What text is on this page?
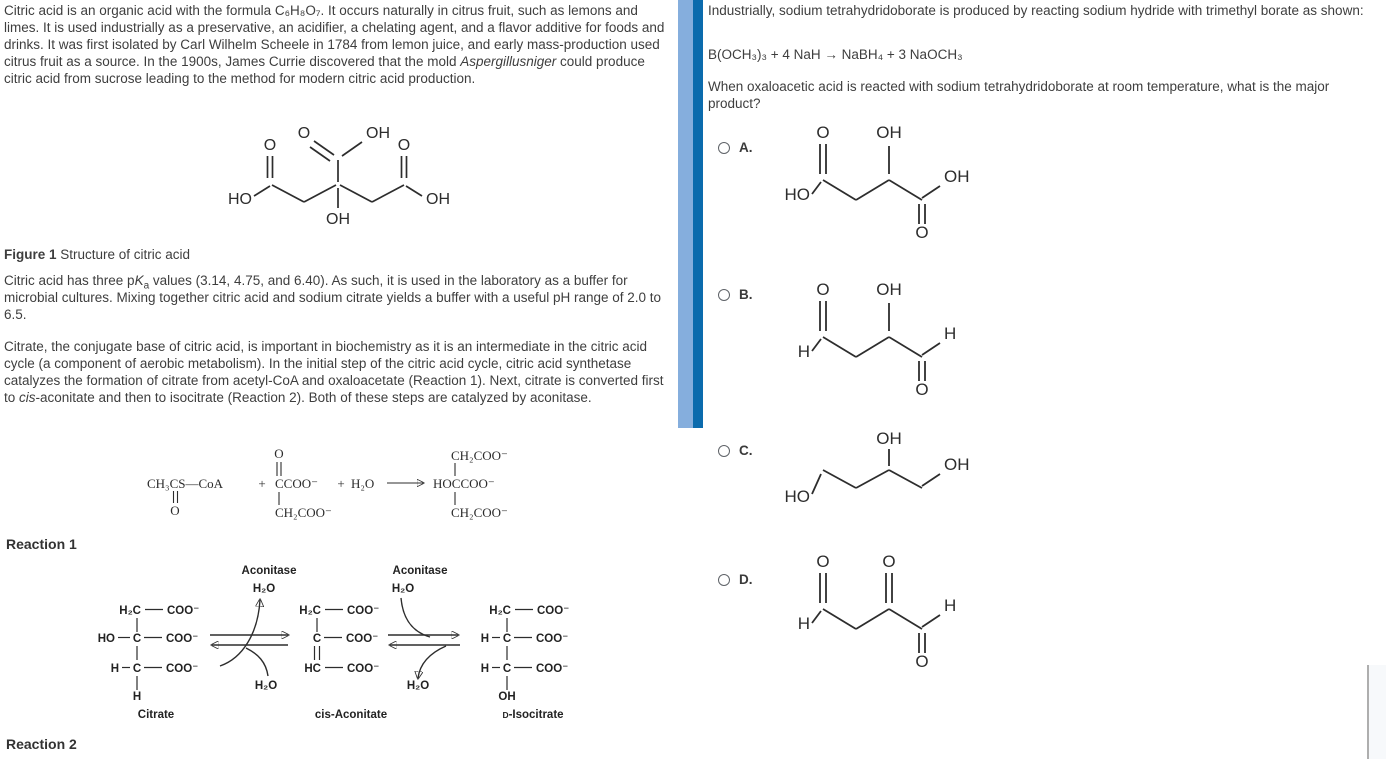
Citric acid is an organic acid with the formula C₆H₈O₇. It occurs naturally in citrus fruit, such as lemons and limes. It is used industrially as a preservative, an acidifier, a chelating agent, and a flavor additive for foods and drinks. It was first isolated by Carl Wilhelm Scheele in 1784 from lemon juice, and early mass-production used citrus fruit as a source. In the 1900s, James Currie discovered that the mold Aspergillusniger could produce citric acid from sucrose leading to the method for modern citric acid production.

O	OH
O
HO
O
OH
OH

Figure 1 Structure of citric acid

Citric acid has three $pK_a$ values (3.14, 4.75, and 6.40). As such, it is used in the laboratory as a buffer for microbial cultures. Mixing together citric acid and sodium citrate yields a buffer with a useful pH range of 2.0 to 6.5.

Citrate, the conjugate base of citric acid, is important in biochemistry as it is an intermediate in the citric acid cycle (a component of aerobic metabolism). In the initial step of the citric acid cycle, citric acid synthetase catalyzes the formation of citrate from acetyl-CoA and oxaloacetate (Reaction 1). Next, citrate is converted first to cis-aconitate and then to isocitrate (Reaction 2). Both of these steps are catalyzed by aconitase.

CH₃CS—CoA
O
+
O
CCOO⁻
CH₂COO⁻
+ H₂O
CH₂COO⁻
HOCCOO⁻
CH₂COO⁻

Reaction 1

H₂C COO⁻
HO C COO⁻
H C COO⁻
H
Citrate
Aconitase
H₂O
H₂O
H₂C COO⁻
C COO⁻
HC COO⁻
cis-Aconitate
Aconitase
H₂O
H₂O
H₂C COO⁻
H C COO⁻
H C COO⁻
OH
D-Isocitrate

Reaction 2

Industrially, sodium tetrahydridoborate is produced by reacting sodium hydride with trimethyl borate as shown:

B(OCH₃)₃ + 4 NaH → NaBH₄ + 3 NaOCH₃

When oxaloacetic acid is reacted with sodium tetrahydridoborate at room temperature, what is the major product?

A.
HO
O	OH
OH
O
B.
H
O	OH
H
O
C.
HO
OH
OH
D.
H
O	O
H
O
